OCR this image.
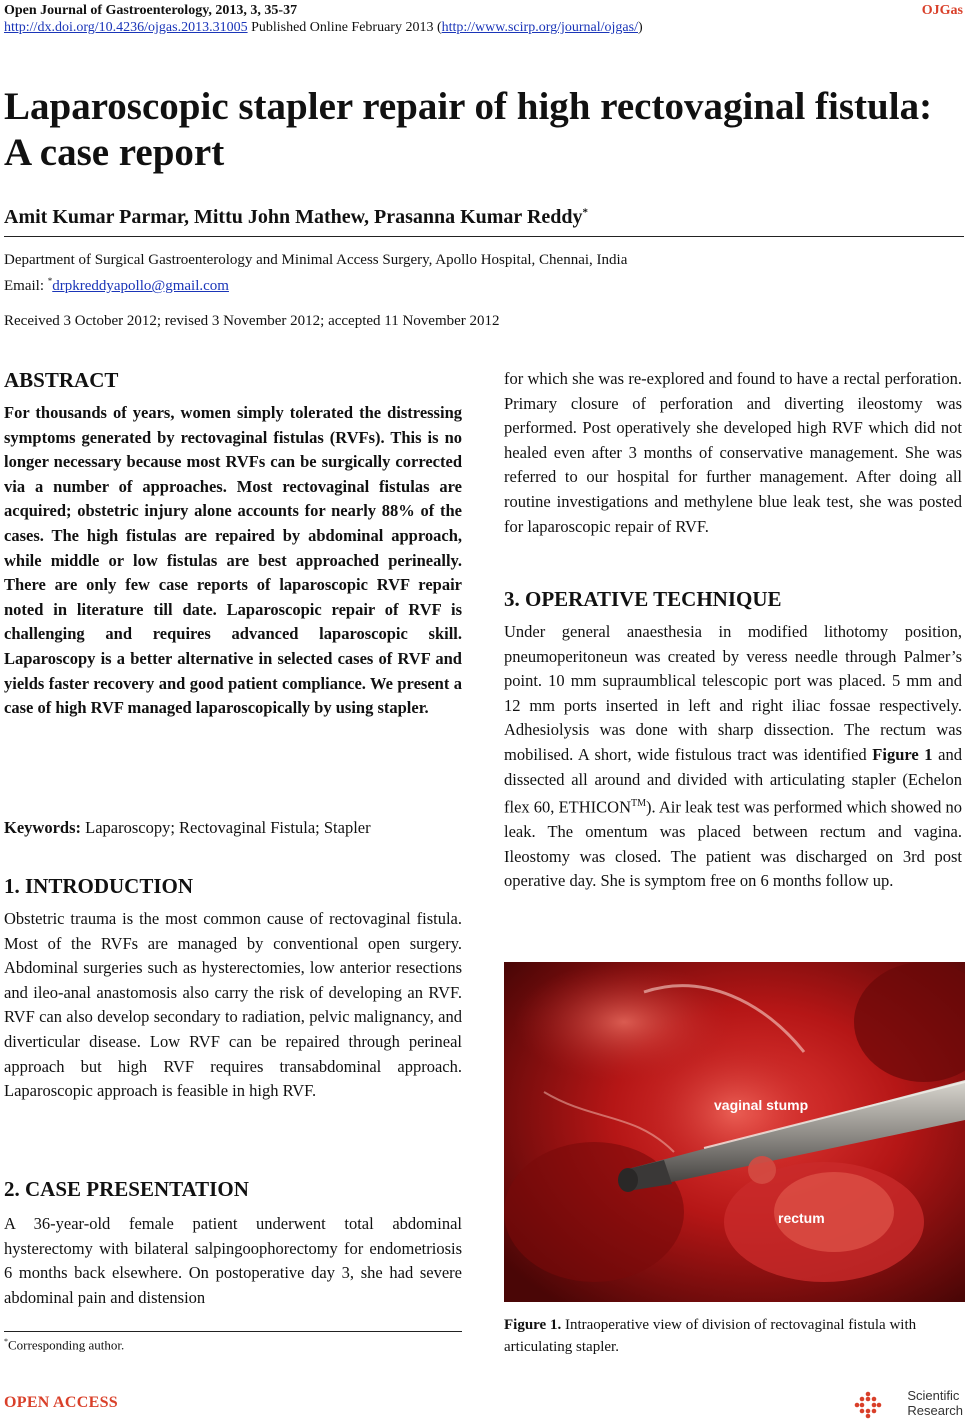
Open Journal of Gastroenterology, 2013, 3, 35-37	OJGas
http://dx.doi.org/10.4236/ojgas.2013.31005 Published Online February 2013 (http://www.scirp.org/journal/ojgas/)
Laparoscopic stapler repair of high rectovaginal fistula:
A case report
Amit Kumar Parmar, Mittu John Mathew, Prasanna Kumar Reddy*
Department of Surgical Gastroenterology and Minimal Access Surgery, Apollo Hospital, Chennai, India
Email: *drpkreddyapollo@gmail.com
Received 3 October 2012; revised 3 November 2012; accepted 11 November 2012
ABSTRACT

For thousands of years, women simply tolerated the distressing symptoms generated by rectovaginal fistulas (RVFs). This is no longer necessary because most RVFs can be surgically corrected via a number of approaches. Most rectovaginal fistulas are acquired; obstetric injury alone accounts for nearly 88% of the cases. The high fistulas are repaired by abdominal approach, while middle or low fistulas are best approached perineally. There are only few case reports of laparoscopic RVF repair noted in literature till date. Laparoscopic repair of RVF is challenging and requires advanced laparoscopic skill. Laparoscopy is a better alternative in selected cases of RVF and yields faster recovery and good patient compliance. We present a case of high RVF managed laparoscopically by using stapler.

Keywords: Laparoscopy; Rectovaginal Fistula; Stapler
1. INTRODUCTION

Obstetric trauma is the most common cause of rectovaginal fistula. Most of the RVFs are managed by conventional open surgery. Abdominal surgeries such as hysterectomies, low anterior resections and ileo-anal anastomosis also carry the risk of developing an RVF. RVF can also develop secondary to radiation, pelvic malignancy, and diverticular disease. Low RVF can be repaired through perineal approach but high RVF requires transabdominal approach. Laparoscopic approach is feasible in high RVF.

2. CASE PRESENTATION

A 36-year-old female patient underwent total abdominal hysterectomy with bilateral salpingoophorectomy for endometriosis 6 months back elsewhere. On postoperative day 3, she had severe abdominal pain and distension

for which she was re-explored and found to have a rectal perforation. Primary closure of perforation and diverting ileostomy was performed. Post operatively she developed high RVF which did not healed even after 3 months of conservative management. She was referred to our hospital for further management. After doing all routine investigations and methylene blue leak test, she was posted for laparoscopic repair of RVF.

3. OPERATIVE TECHNIQUE

Under general anaesthesia in modified lithotomy position, pneumoperitoneun was created by veress needle through Palmer’s point. 10 mm supraumblical telescopic port was placed. 5 mm and 12 mm ports inserted in left and right iliac fossae respectively. Adhesiolysis was done with sharp dissection. The rectum was mobilised. A short, wide fistulous tract was identified Figure 1 and dissected all around and divided with articulating stapler (Echelon flex 60, ETHICON™). Air leak test was performed which showed no leak. The omentum was placed between rectum and vagina. Ileostomy was closed. The patient was discharged on 3rd post operative day. She is symptom free on 6 months follow up.

vaginal stump
rectum
Figure 1. Intraoperative view of division of rectovaginal fistula with articulating stapler.
*Corresponding author.
OPEN ACCESS	Scientific
Research
